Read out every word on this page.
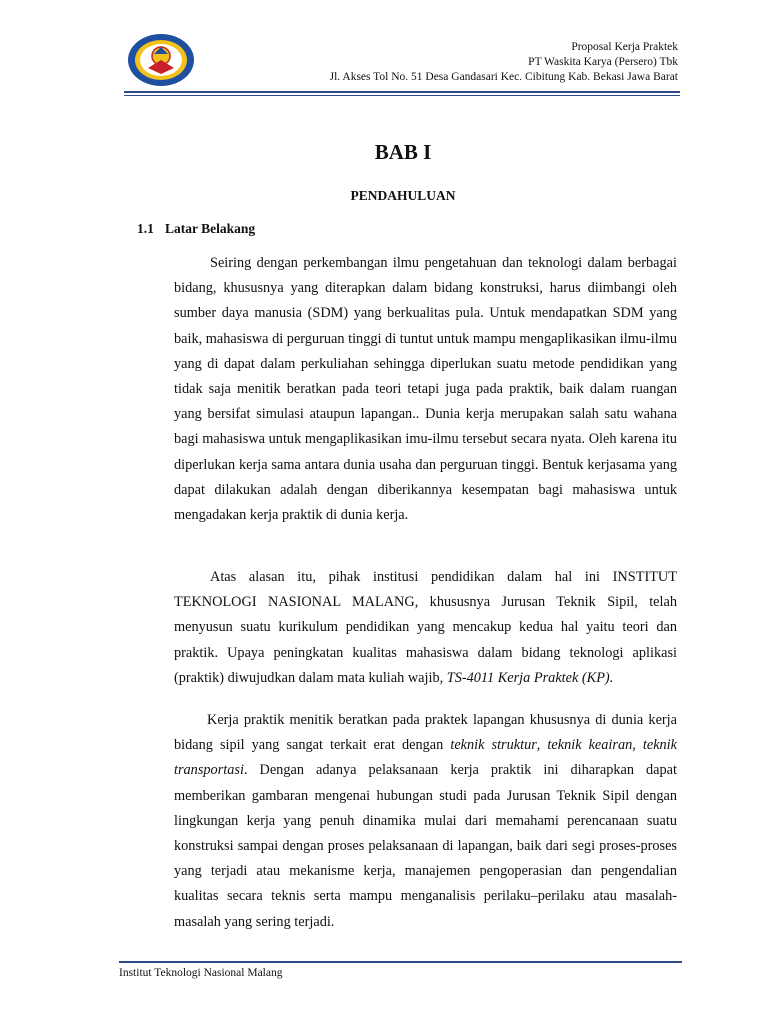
Proposal Kerja Praktek
PT Waskita Karya (Persero) Tbk
Jl. Akses Tol No. 51 Desa Gandasari Kec. Cibitung Kab. Bekasi Jawa Barat
BAB I
PENDAHULUAN
1.1 Latar Belakang
Seiring dengan perkembangan ilmu pengetahuan dan teknologi dalam berbagai bidang, khususnya yang diterapkan dalam bidang konstruksi, harus diimbangi oleh sumber daya manusia (SDM) yang berkualitas pula. Untuk mendapatkan SDM yang baik, mahasiswa di perguruan tinggi di tuntut untuk mampu mengaplikasikan ilmu-ilmu yang di dapat dalam perkuliahan sehingga diperlukan suatu metode pendidikan yang tidak saja menitik beratkan pada teori tetapi juga pada praktik, baik dalam ruangan yang bersifat simulasi ataupun lapangan.. Dunia kerja merupakan salah satu wahana bagi mahasiswa untuk mengaplikasikan imu-ilmu tersebut secara nyata. Oleh karena itu diperlukan kerja sama antara dunia usaha dan perguruan tinggi. Bentuk kerjasama yang dapat dilakukan adalah dengan diberikannya kesempatan bagi mahasiswa untuk mengadakan kerja praktik di dunia kerja.
Atas alasan itu, pihak institusi pendidikan dalam hal ini INSTITUT TEKNOLOGI NASIONAL MALANG, khususnya Jurusan Teknik Sipil, telah menyusun suatu kurikulum pendidikan yang mencakup kedua hal yaitu teori dan praktik. Upaya peningkatan kualitas mahasiswa dalam bidang teknologi aplikasi (praktik) diwujudkan dalam mata kuliah wajib, TS-4011 Kerja Praktek (KP).
Kerja praktik menitik beratkan pada praktek lapangan khususnya di dunia kerja bidang sipil yang sangat terkait erat dengan teknik struktur, teknik keairan, teknik transportasi. Dengan adanya pelaksanaan kerja praktik ini diharapkan dapat memberikan gambaran mengenai hubungan studi pada Jurusan Teknik Sipil dengan lingkungan kerja yang penuh dinamika mulai dari memahami perencanaan suatu konstruksi sampai dengan proses pelaksanaan di lapangan, baik dari segi proses-proses yang terjadi atau mekanisme kerja, manajemen pengoperasian dan pengendalian kualitas secara teknis serta mampu menganalisis perilaku–perilaku atau masalah-masalah yang sering terjadi.
Institut Teknologi Nasional Malang
